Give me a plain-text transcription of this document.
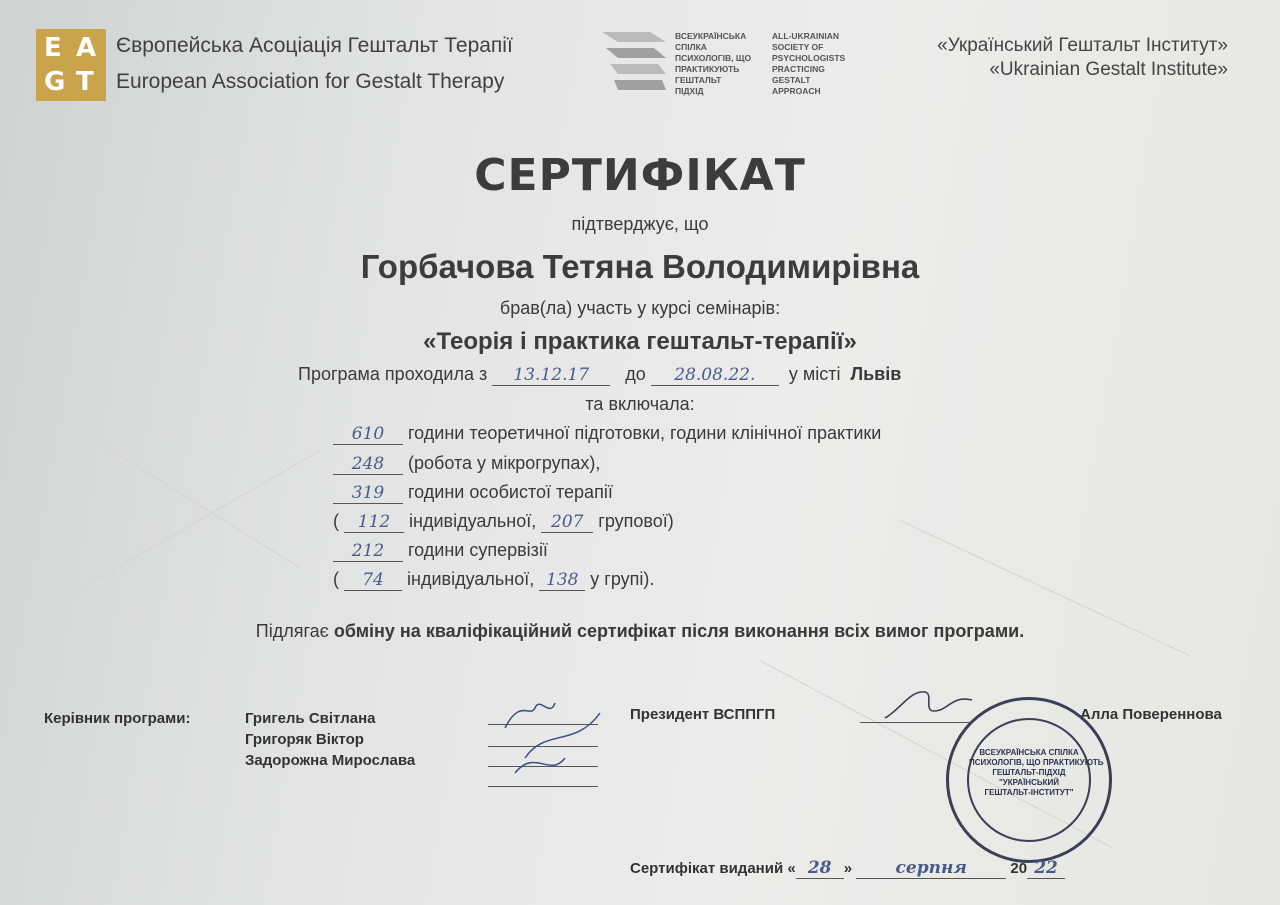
E A
G T
Європейська Асоціація Гештальт Терапії
European Association for Gestalt Therapy
ВСЕУКРАЇНСЬКА
СПІЛКА
ПСИХОЛОГІВ, ЩО
ПРАКТИКУЮТЬ
ГЕШТАЛЬТ
ПІДХІД
ALL-UKRAINIAN
SOCIETY OF
PSYCHOLOGISTS
PRACTICING
GESTALT
APPROACH
«Український Гештальт Інститут»
«Ukrainian Gestalt Institute»
СЕРТИФІКАТ
підтверджує, що
Горбачова Тетяна Володимирівна
брав(ла) участь у курсі семінарів:
«Теорія і практика гештальт-терапії»
Програма проходила з 13.12.17 до 28.08.22. у місті Львів
та включала:
610 години теоретичної підготовки, години клінічної практики
248 (робота у мікрогрупах),
319 години особистої терапії
( 112 індивідуальної, 207 групової)
212 години супервізії
( 74 індивідуальної, 138 у групі).
Підлягає обміну на кваліфікаційний сертифікат після виконання всіх вимог програми.
Керівник програми:	Григель Світлана
Григоряк Віктор
Задорожна Мирослава
Президент ВСППГП	Алла Повереннова
ВСЕУКРАЇНСЬКА СПІЛКА
ПСИХОЛОГІВ, ЩО ПРАКТИКУЮТЬ
ГЕШТАЛЬТ-ПІДХІД
"УКРАЇНСЬКИЙ
ГЕШТАЛЬТ-ІНСТИТУТ"
Сертифікат виданий « 28 »	серпня	20 22
